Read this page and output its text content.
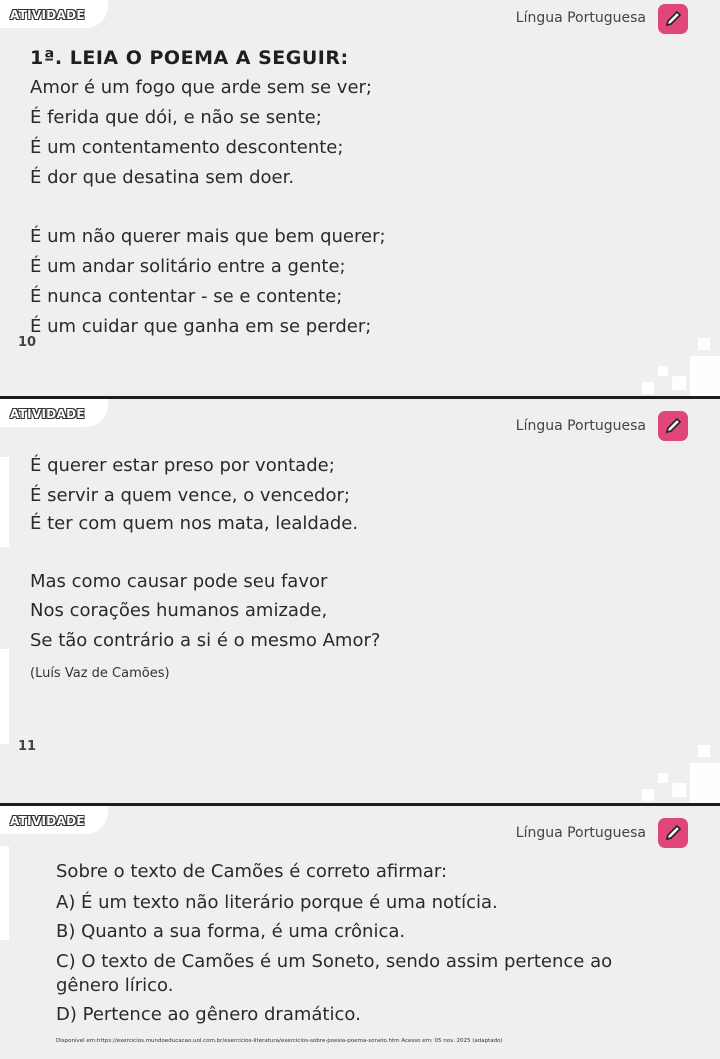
ATIVIDADE	Língua Portuguesa
1ª. LEIA O POEMA A SEGUIR:
Amor é um fogo que arde sem se ver;
É ferida que dói, e não se sente;
É um contentamento descontente;
É dor que desatina sem doer.
É um não querer mais que bem querer;
É um andar solitário entre a gente;
É nunca contentar - se e contente;
É um cuidar que ganha em se perder;
10
ATIVIDADE
Língua Portuguesa
É querer estar preso por vontade;
É servir a quem vence, o vencedor;
É ter com quem nos mata, lealdade.
Mas como causar pode seu favor
Nos corações humanos amizade,
Se tão contrário a si é o mesmo Amor?
(Luís Vaz de Camões)
11
ATIVIDADE
Língua Portuguesa
Sobre o texto de Camões é correto afirmar:
A) É um texto não literário porque é uma notícia.
B) Quanto a sua forma, é uma crônica.
C) O texto de Camões é um Soneto, sendo assim pertence ao gênero lírico.
D) Pertence ao gênero dramático.
Disponível em:https://exercicios.mundoeducacao.uol.com.br/exercicios-literatura/exercicios-sobre-poesia-poema-soneto.htm Acesso em: 05 nov. 2025 (adaptado)
